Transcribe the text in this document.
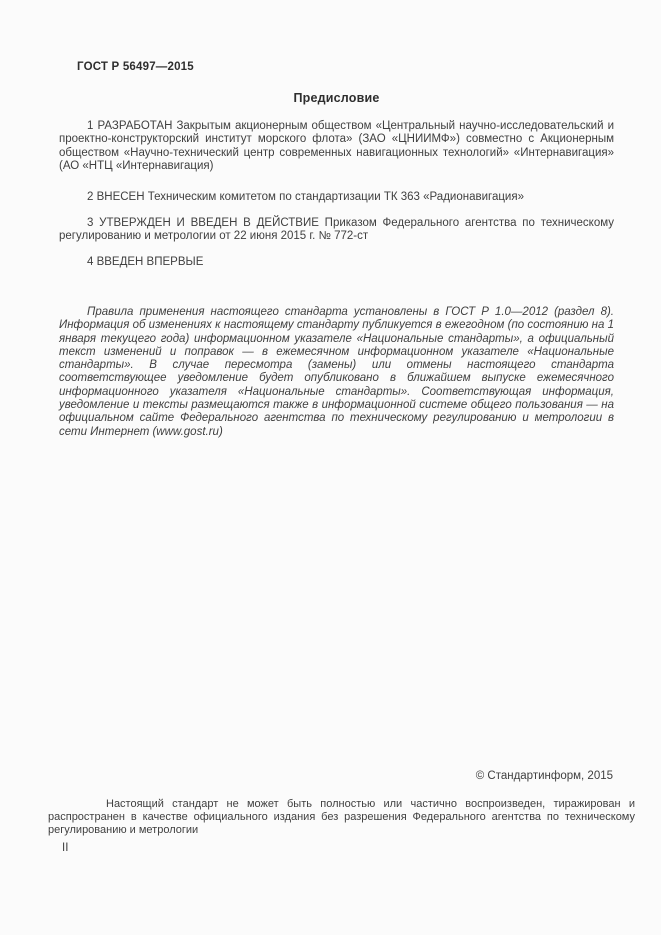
ГОСТ Р 56497—2015
Предисловие
1 РАЗРАБОТАН Закрытым акционерным обществом «Центральный научно-исследовательский и проектно-конструкторский институт морского флота» (ЗАО «ЦНИИМФ») совместно с Акционерным обществом «Научно-технический центр современных навигационных технологий» «Интернавигация» (АО «НТЦ «Интернавигация)
2 ВНЕСЕН Техническим комитетом по стандартизации ТК 363 «Радионавигация»
3 УТВЕРЖДЕН И ВВЕДЕН В ДЕЙСТВИЕ Приказом Федерального агентства по техническому регулированию и метрологии от 22 июня 2015 г. № 772-ст
4 ВВЕДЕН ВПЕРВЫЕ
Правила применения настоящего стандарта установлены в ГОСТ Р 1.0—2012 (раздел 8). Информация об изменениях к настоящему стандарту публикуется в ежегодном (по состоянию на 1 января текущего года) информационном указателе «Национальные стандарты», а официальный текст изменений и поправок — в ежемесячном информационном указателе «Национальные стандарты». В случае пересмотра (замены) или отмены настоящего стандарта соответствующее уведомление будет опубликовано в ближайшем выпуске ежемесячного информационного указателя «Национальные стандарты». Соответствующая информация, уведомление и тексты размещаются также в информационной системе общего пользования — на официальном сайте Федерального агентства по техническому регулированию и метрологии в сети Интернет (www.gost.ru)
© Стандартинформ, 2015
Настоящий стандарт не может быть полностью или частично воспроизведен, тиражирован и распространен в качестве официального издания без разрешения Федерального агентства по техническому регулированию и метрологии
II
